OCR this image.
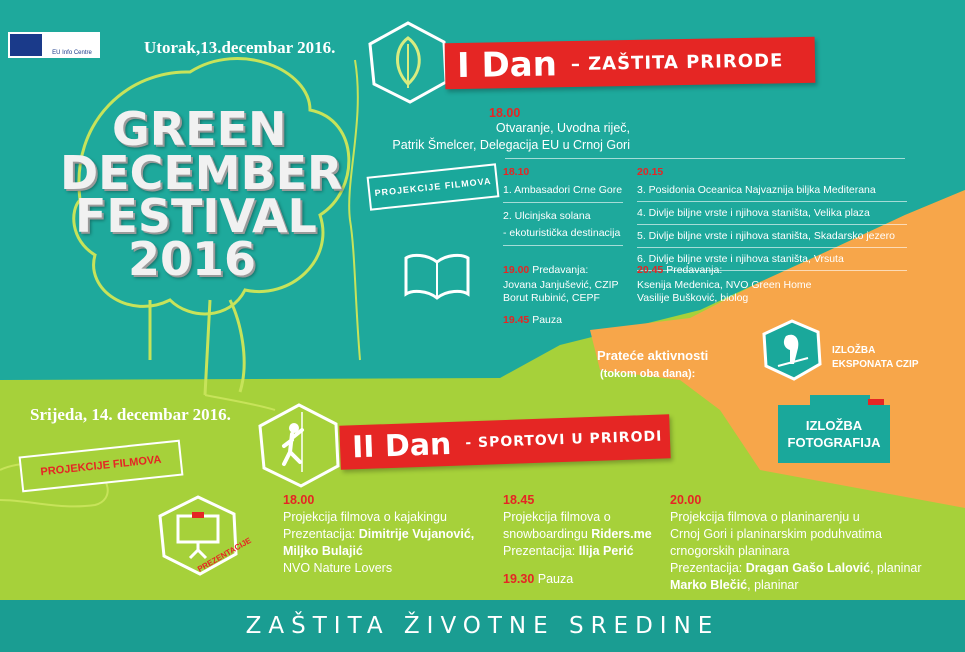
EU Info Centre
GREEN
DECEMBER
FESTIVAL
2016
Utorak,13.decembar 2016.	I Dan – ZAŠTITA PRIRODE
18.00
Otvaranje, Uvodna riječ,
Patrik Šmelcer, Delegacija EU u Crnoj Gori
PROJEKCIJE FILMOVA
18.10
1. Ambasadori Crne Gore
2. Ulcinjska solana
- ekoturistička destinacija
20.15
3. Posidonia Oceanica Najvaznija bilјka Mediterana
4. Divlje biljne vrste i njihova staništa, Velika plaza
5. Divlje biljne vrste i njihova staništa, Skadarsko jezero
6. Divlje biljne vrste i njihova staništa, Vrsuta
19.00 Predavanja:
Jovana Janjušević, CZIP
Borut Rubinić, CEPF
19.45 Pauza
20.45 Predavanja:
Ksenija Medenica, NVO Green Home
Vasilije Bušković, biolog
Prateće aktivnosti
(tokom oba dana):
IZLOŽBA
EKSPONATA CZIP
IZLOŽBA
FOTOGRAFIJA
Srijeda, 14. decembar 2016.
II Dan - SPORTOVI U PRIRODI
PROJEKCIJE FILMOVA
PREZENTACIJE
18.00
Projekcija filmova o kajakingu
Prezentacija: Dimitrije Vujanović,
Miljko Bulajić
NVO Nature Lovers
18.45
Projekcija filmova o
snowboardingu Riders.me
Prezentacija: Ilija Perić
19.30 Pauza
20.00
Projekcija filmova o planinarenju u
Crnoj Gori i planinarskim poduhvatima
crnogorskih planinara
Prezentacija: Dragan Gašo Lalović, planinar
Marko Blečić, planinar
ZAŠTITA ŽIVOTNE SREDINE
